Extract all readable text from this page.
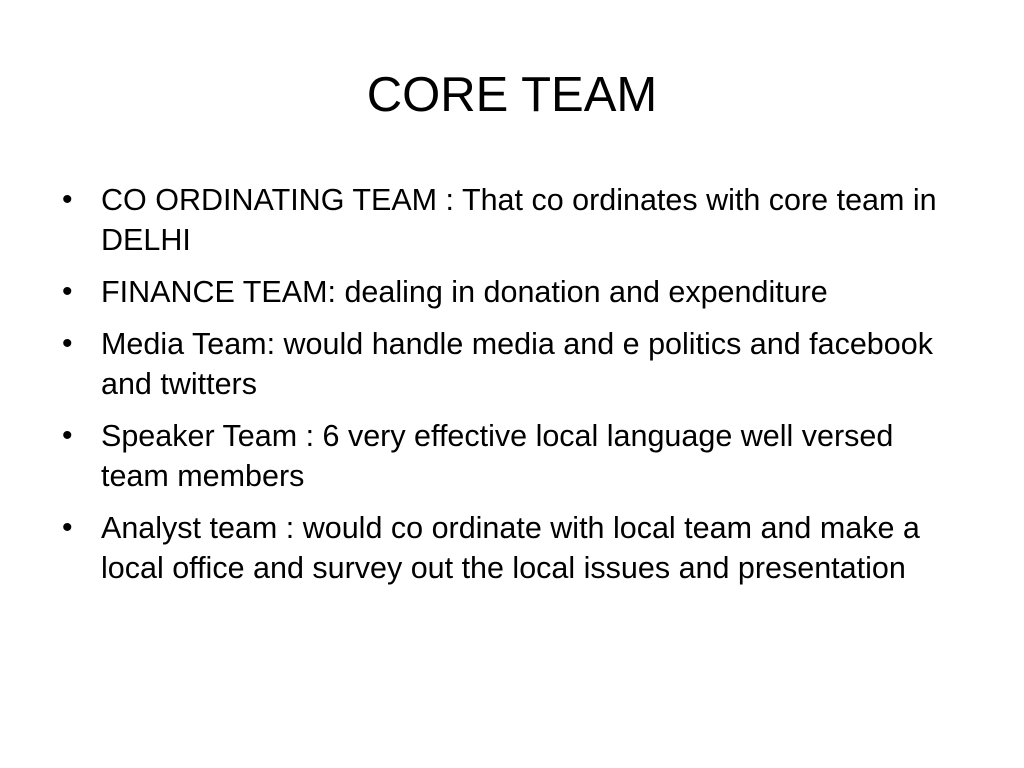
CORE TEAM
• CO ORDINATING TEAM : That co ordinates with core team in DELHI
• FINANCE TEAM: dealing in donation and expenditure
• Media Team: would handle media and e politics and facebook and twitters
• Speaker Team : 6 very effective local language well versed team members
• Analyst team : would co ordinate with local team and make a local office and survey out the local issues and presentation
